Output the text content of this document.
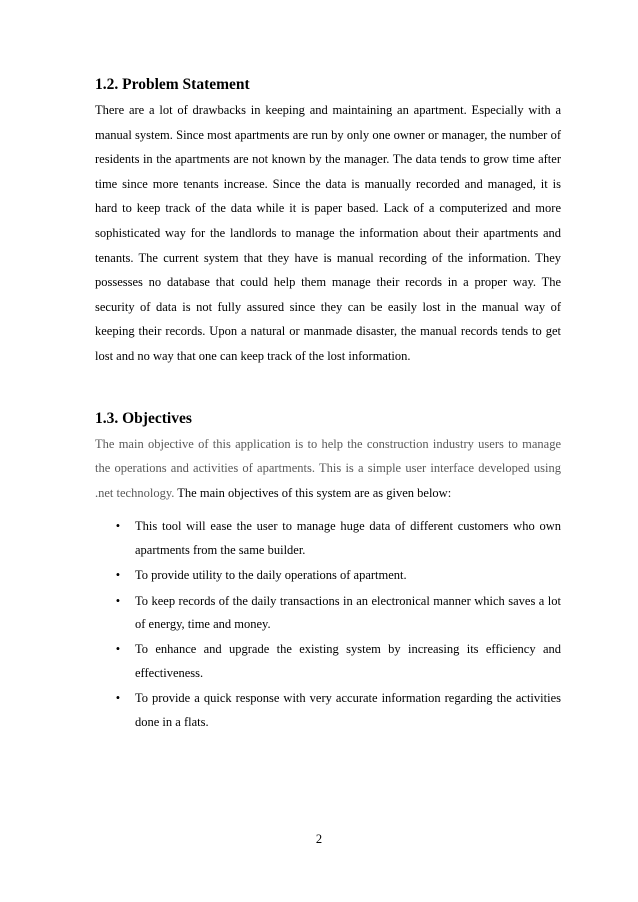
1.2. Problem Statement

There are a lot of drawbacks in keeping and maintaining an apartment. Especially with a manual system. Since most apartments are run by only one owner or manager, the number of residents in the apartments are not known by the manager. The data tends to grow time after time since more tenants increase. Since the data is manually recorded and managed, it is hard to keep track of the data while it is paper based. Lack of a computerized and more sophisticated way for the landlords to manage the information about their apartments and tenants. The current system that they have is manual recording of the information. They possesses no database that could help them manage their records in a proper way. The security of data is not fully assured since they can be easily lost in the manual way of keeping their records. Upon a natural or manmade disaster, the manual records tends to get lost and no way that one can keep track of the lost information.

1.3. Objectives

The main objective of this application is to help the construction industry users to manage the operations and activities of apartments. This is a simple user interface developed using .net technology. The main objectives of this system are as given below:

•	This tool will ease the user to manage huge data of different customers who own apartments from the same builder.
•	To provide utility to the daily operations of apartment.
•	To keep records of the daily transactions in an electronical manner which saves a lot of energy, time and money.
•	To enhance and upgrade the existing system by increasing its efficiency and effectiveness.
•	To provide a quick response with very accurate information regarding the activities done in a flats.
2
